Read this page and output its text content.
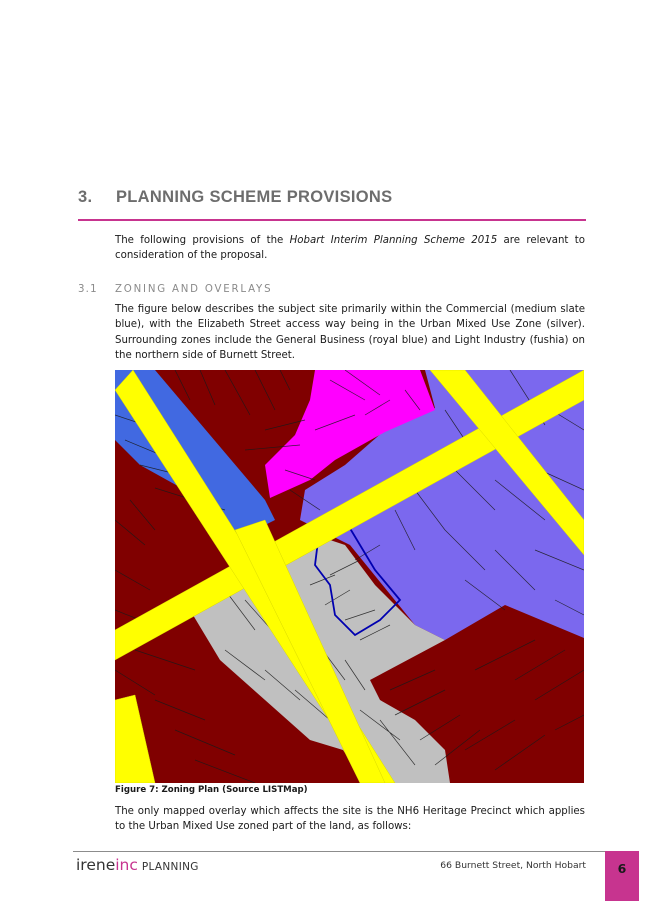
3. PLANNING SCHEME PROVISIONS
The following provisions of the Hobart Interim Planning Scheme 2015 are relevant to consideration of the proposal.
3.1 ZONING AND OVERLAYS
The figure below describes the subject site primarily within the Commercial (medium slate blue), with the Elizabeth Street access way being in the Urban Mixed Use Zone (silver). Surrounding zones include the General Business (royal blue) and Light Industry (fushia) on the northern side of Burnett Street.
Figure 7: Zoning Plan (Source LISTMap)
The only mapped overlay which affects the site is the NH6 Heritage Precinct which applies to the Urban Mixed Use zoned part of the land, as follows:
ireneinc PLANNING	66 Burnett Street, North Hobart	6
